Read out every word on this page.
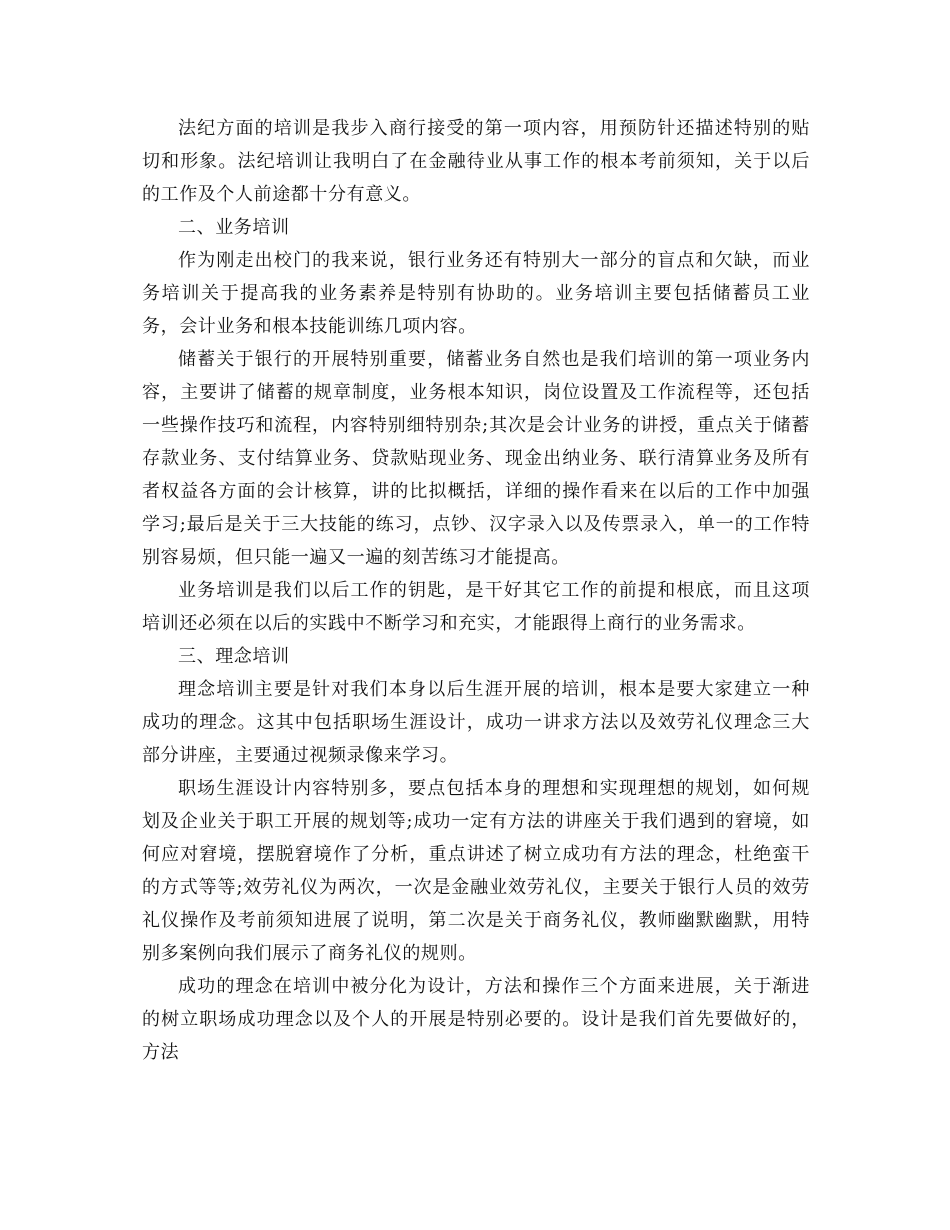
法纪方面的培训是我步入商行接受的第一项内容，用预防针还描述特别的贴切和形象。法纪培训让我明白了在金融待业从事工作的根本考前须知，关于以后的工作及个人前途都十分有意义。

二、业务培训

作为刚走出校门的我来说，银行业务还有特别大一部分的盲点和欠缺，而业务培训关于提高我的业务素养是特别有协助的。业务培训主要包括储蓄员工业务，会计业务和根本技能训练几项内容。

储蓄关于银行的开展特别重要，储蓄业务自然也是我们培训的第一项业务内容，主要讲了储蓄的规章制度，业务根本知识，岗位设置及工作流程等，还包括一些操作技巧和流程，内容特别细特别杂;其次是会计业务的讲授，重点关于储蓄存款业务、支付结算业务、贷款贴现业务、现金出纳业务、联行清算业务及所有者权益各方面的会计核算，讲的比拟概括，详细的操作看来在以后的工作中加强学习;最后是关于三大技能的练习，点钞、汉字录入以及传票录入，单一的工作特别容易烦，但只能一遍又一遍的刻苦练习才能提高。

业务培训是我们以后工作的钥匙，是干好其它工作的前提和根底，而且这项培训还必须在以后的实践中不断学习和充实，才能跟得上商行的业务需求。

三、理念培训

理念培训主要是针对我们本身以后生涯开展的培训，根本是要大家建立一种成功的理念。这其中包括职场生涯设计，成功一讲求方法以及效劳礼仪理念三大部分讲座，主要通过视频录像来学习。

职场生涯设计内容特别多，要点包括本身的理想和实现理想的规划，如何规划及企业关于职工开展的规划等;成功一定有方法的讲座关于我们遇到的窘境，如何应对窘境，摆脱窘境作了分析，重点讲述了树立成功有方法的理念，杜绝蛮干的方式等等;效劳礼仪为两次，一次是金融业效劳礼仪，主要关于银行人员的效劳礼仪操作及考前须知进展了说明，第二次是关于商务礼仪，教师幽默幽默，用特别多案例向我们展示了商务礼仪的规则。

成功的理念在培训中被分化为设计，方法和操作三个方面来进展，关于渐进的树立职场成功理念以及个人的开展是特别必要的。设计是我们首先要做好的，方法
